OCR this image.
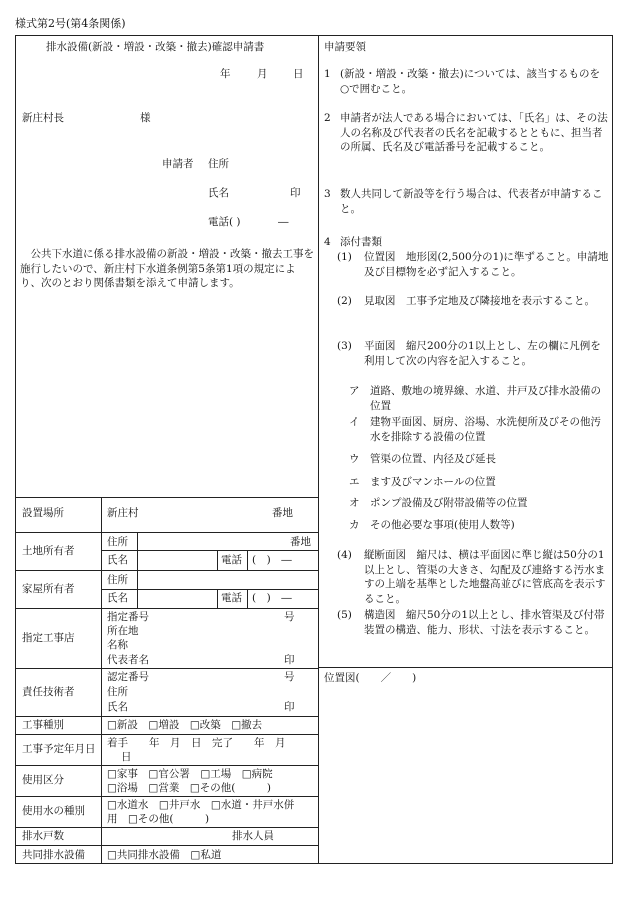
様式第2号(第4条関係)
排水設備(新設・増設・改築・撤去)確認申請書
年	月 日
新庄村長	様
申請者 住所
氏名	印
電話( )	―
公共下水道に係る排水設備の新設・増設・改築・撤去工事を施行したいので、新庄村下水道条例第5条第1項の規定により、次のとおり関係書類を添えて申請します。
申請要領
1 (新設・増設・改築・撤去)については、該当するものを○で囲むこと。
2 申請者が法人である場合においては、「氏名」は、その法人の名称及び代表者の氏名を記載するとともに、担当者の所属、氏名及び電話番号を記載すること。
3 数人共同して新設等を行う場合は、代表者が申請すること。
4 添付書類
(1) 位置図　地形図(2,500分の1)に準ずること。申請地及び目標物を必ず記入すること。
(2) 見取図　工事予定地及び隣接地を表示すること。
(3) 平面図　縮尺200分の1以上とし、左の欄に凡例を利用して次の内容を記入すること。
ア 道路、敷地の境界線、水道、井戸及び排水設備の位置
イ 建物平面図、厨房、浴場、水洗便所及びその他汚水を排除する設備の位置
ウ 管渠の位置、内径及び延長
エ ます及びマンホールの位置
オ ポンプ設備及び附帯設備等の位置
カ その他必要な事項(使用人数等)
(4) 縦断面図　縮尺は、横は平面図に準じ縦は50分の1以上とし、管渠の大きさ、勾配及び連絡する汚水ますの上端を基準とした地盤高並びに管底高を表示すること。
(5) 構造図　縮尺50分の1以上とし、排水管渠及び付帯装置の構造、能力、形状、寸法を表示すること。
位置図(　　／　　)
設置場所	新庄村	番地
土地所有者
住所	番地
氏名	電話 (　)　―
家屋所有者
住所
氏名	電話 (　)　―
指定工事店
指定番号	号
所在地
名称
代表者名	印
責任技術者
認定番号	号
住所
氏名	印
工事種別	□新設　□増設　□改築　□撤去
工事予定年月日 着手　　年　月　日　完了　　年　月
日
使用区分	□家事　□官公署　□工場　□病院
□浴場　□営業　□その他(　　　)
使用水の種別 □水道水　□井戸水　□水道・井戸水併
用　□その他(　　　)
排水戸数	排水人員
共同排水設備 □共同排水設備　□私道
